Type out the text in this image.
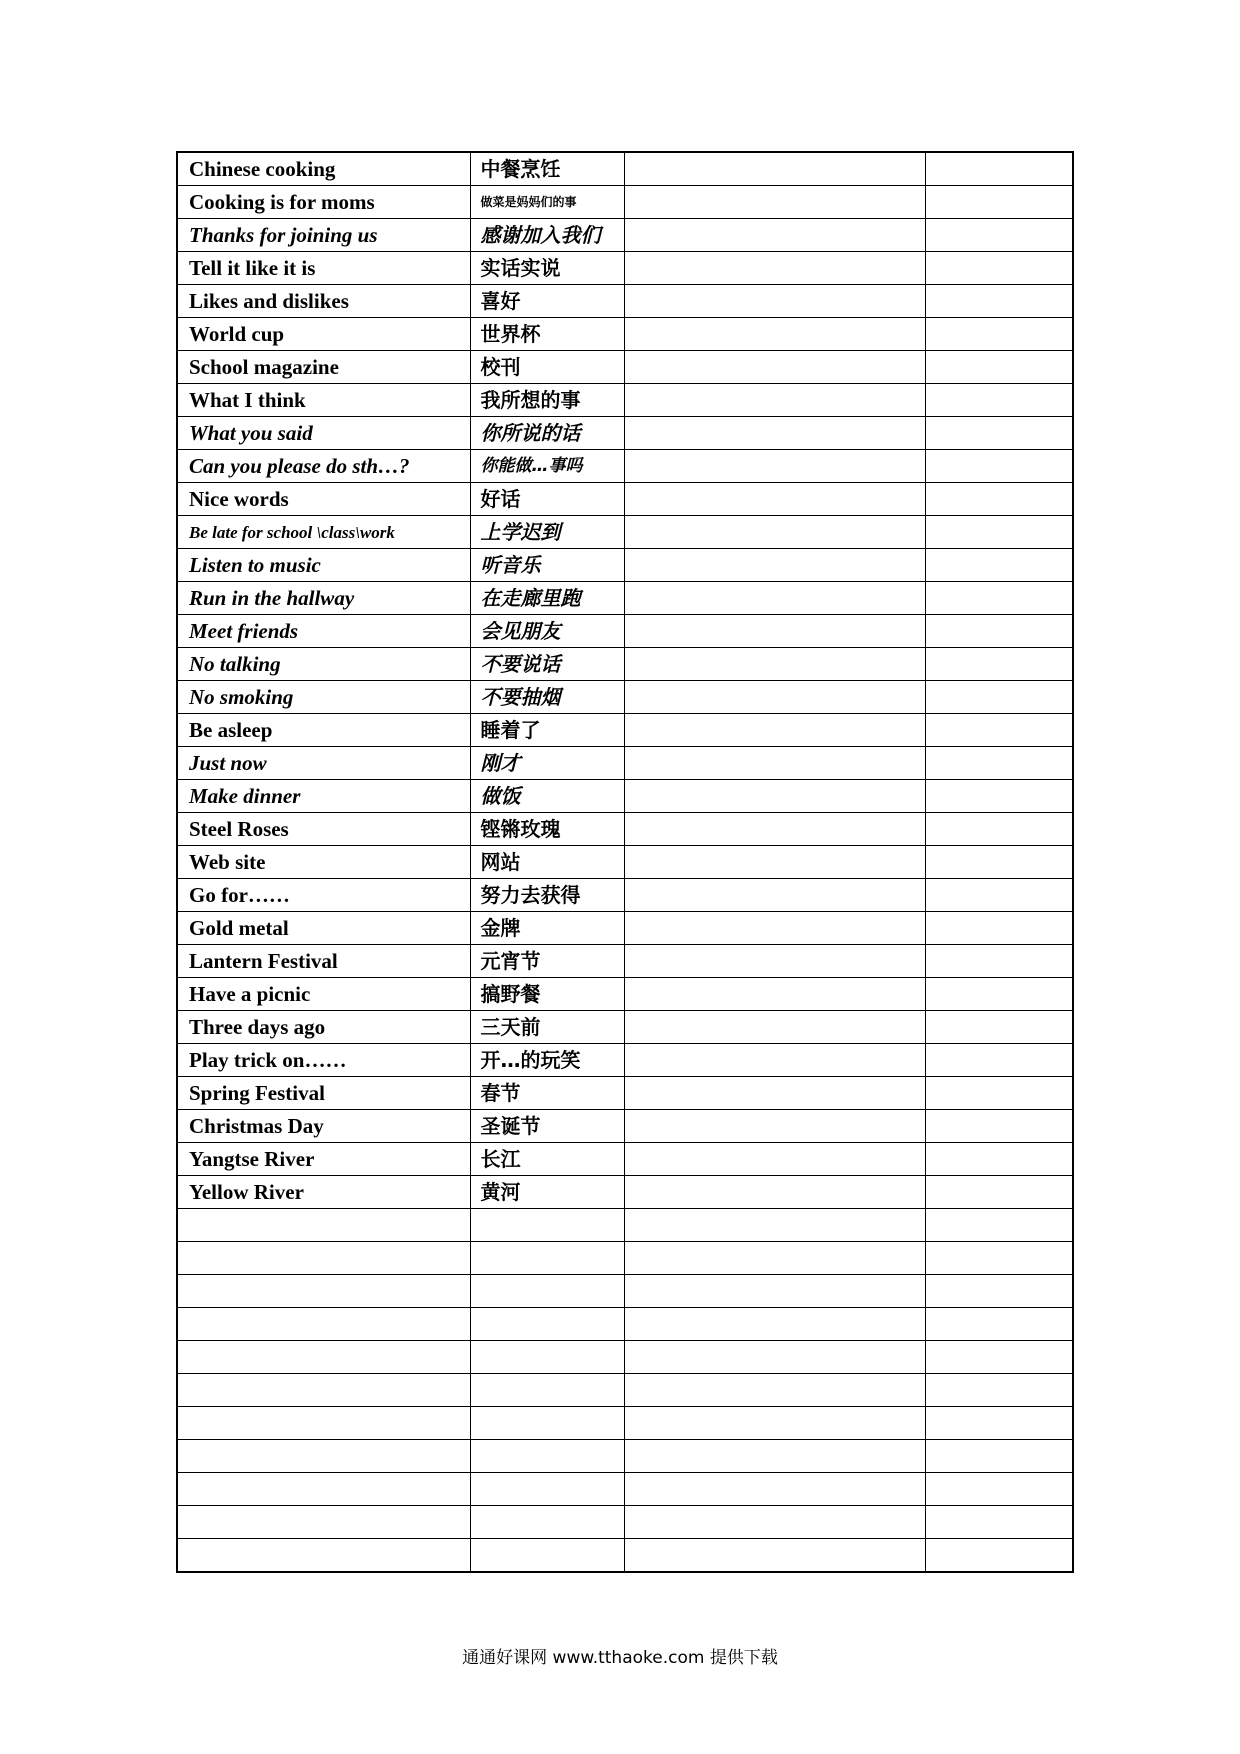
Chinese cooking	中餐烹饪		
Cooking is for moms	做菜是妈妈们的事		
Thanks for joining us	感谢加入我们		
Tell it like it is	实话实说		
Likes and dislikes	喜好		
World cup	世界杯		
School magazine	校刊		
What I think	我所想的事		
What you said	你所说的话		
Can you please do sth…?	你能做…事吗		
Nice words	好话		
Be late for school \class\work	上学迟到		
Listen to music	听音乐		
Run in the hallway	在走廊里跑		
Meet friends	会见朋友		
No talking	不要说话		
No smoking	不要抽烟		
Be asleep	睡着了		
Just now	刚才		
Make dinner	做饭		
Steel Roses	铿锵玫瑰		
Web site	网站		
Go for……	努力去获得		
Gold metal	金牌		
Lantern Festival	元宵节		
Have a picnic	搞野餐		
Three days ago	三天前		
Play trick on……	开…的玩笑		
Spring Festival	春节		
Christmas Day	圣诞节		
Yangtse River	长江		
Yellow River	黄河		

通通好课网 www.tthaoke.com 提供下载
